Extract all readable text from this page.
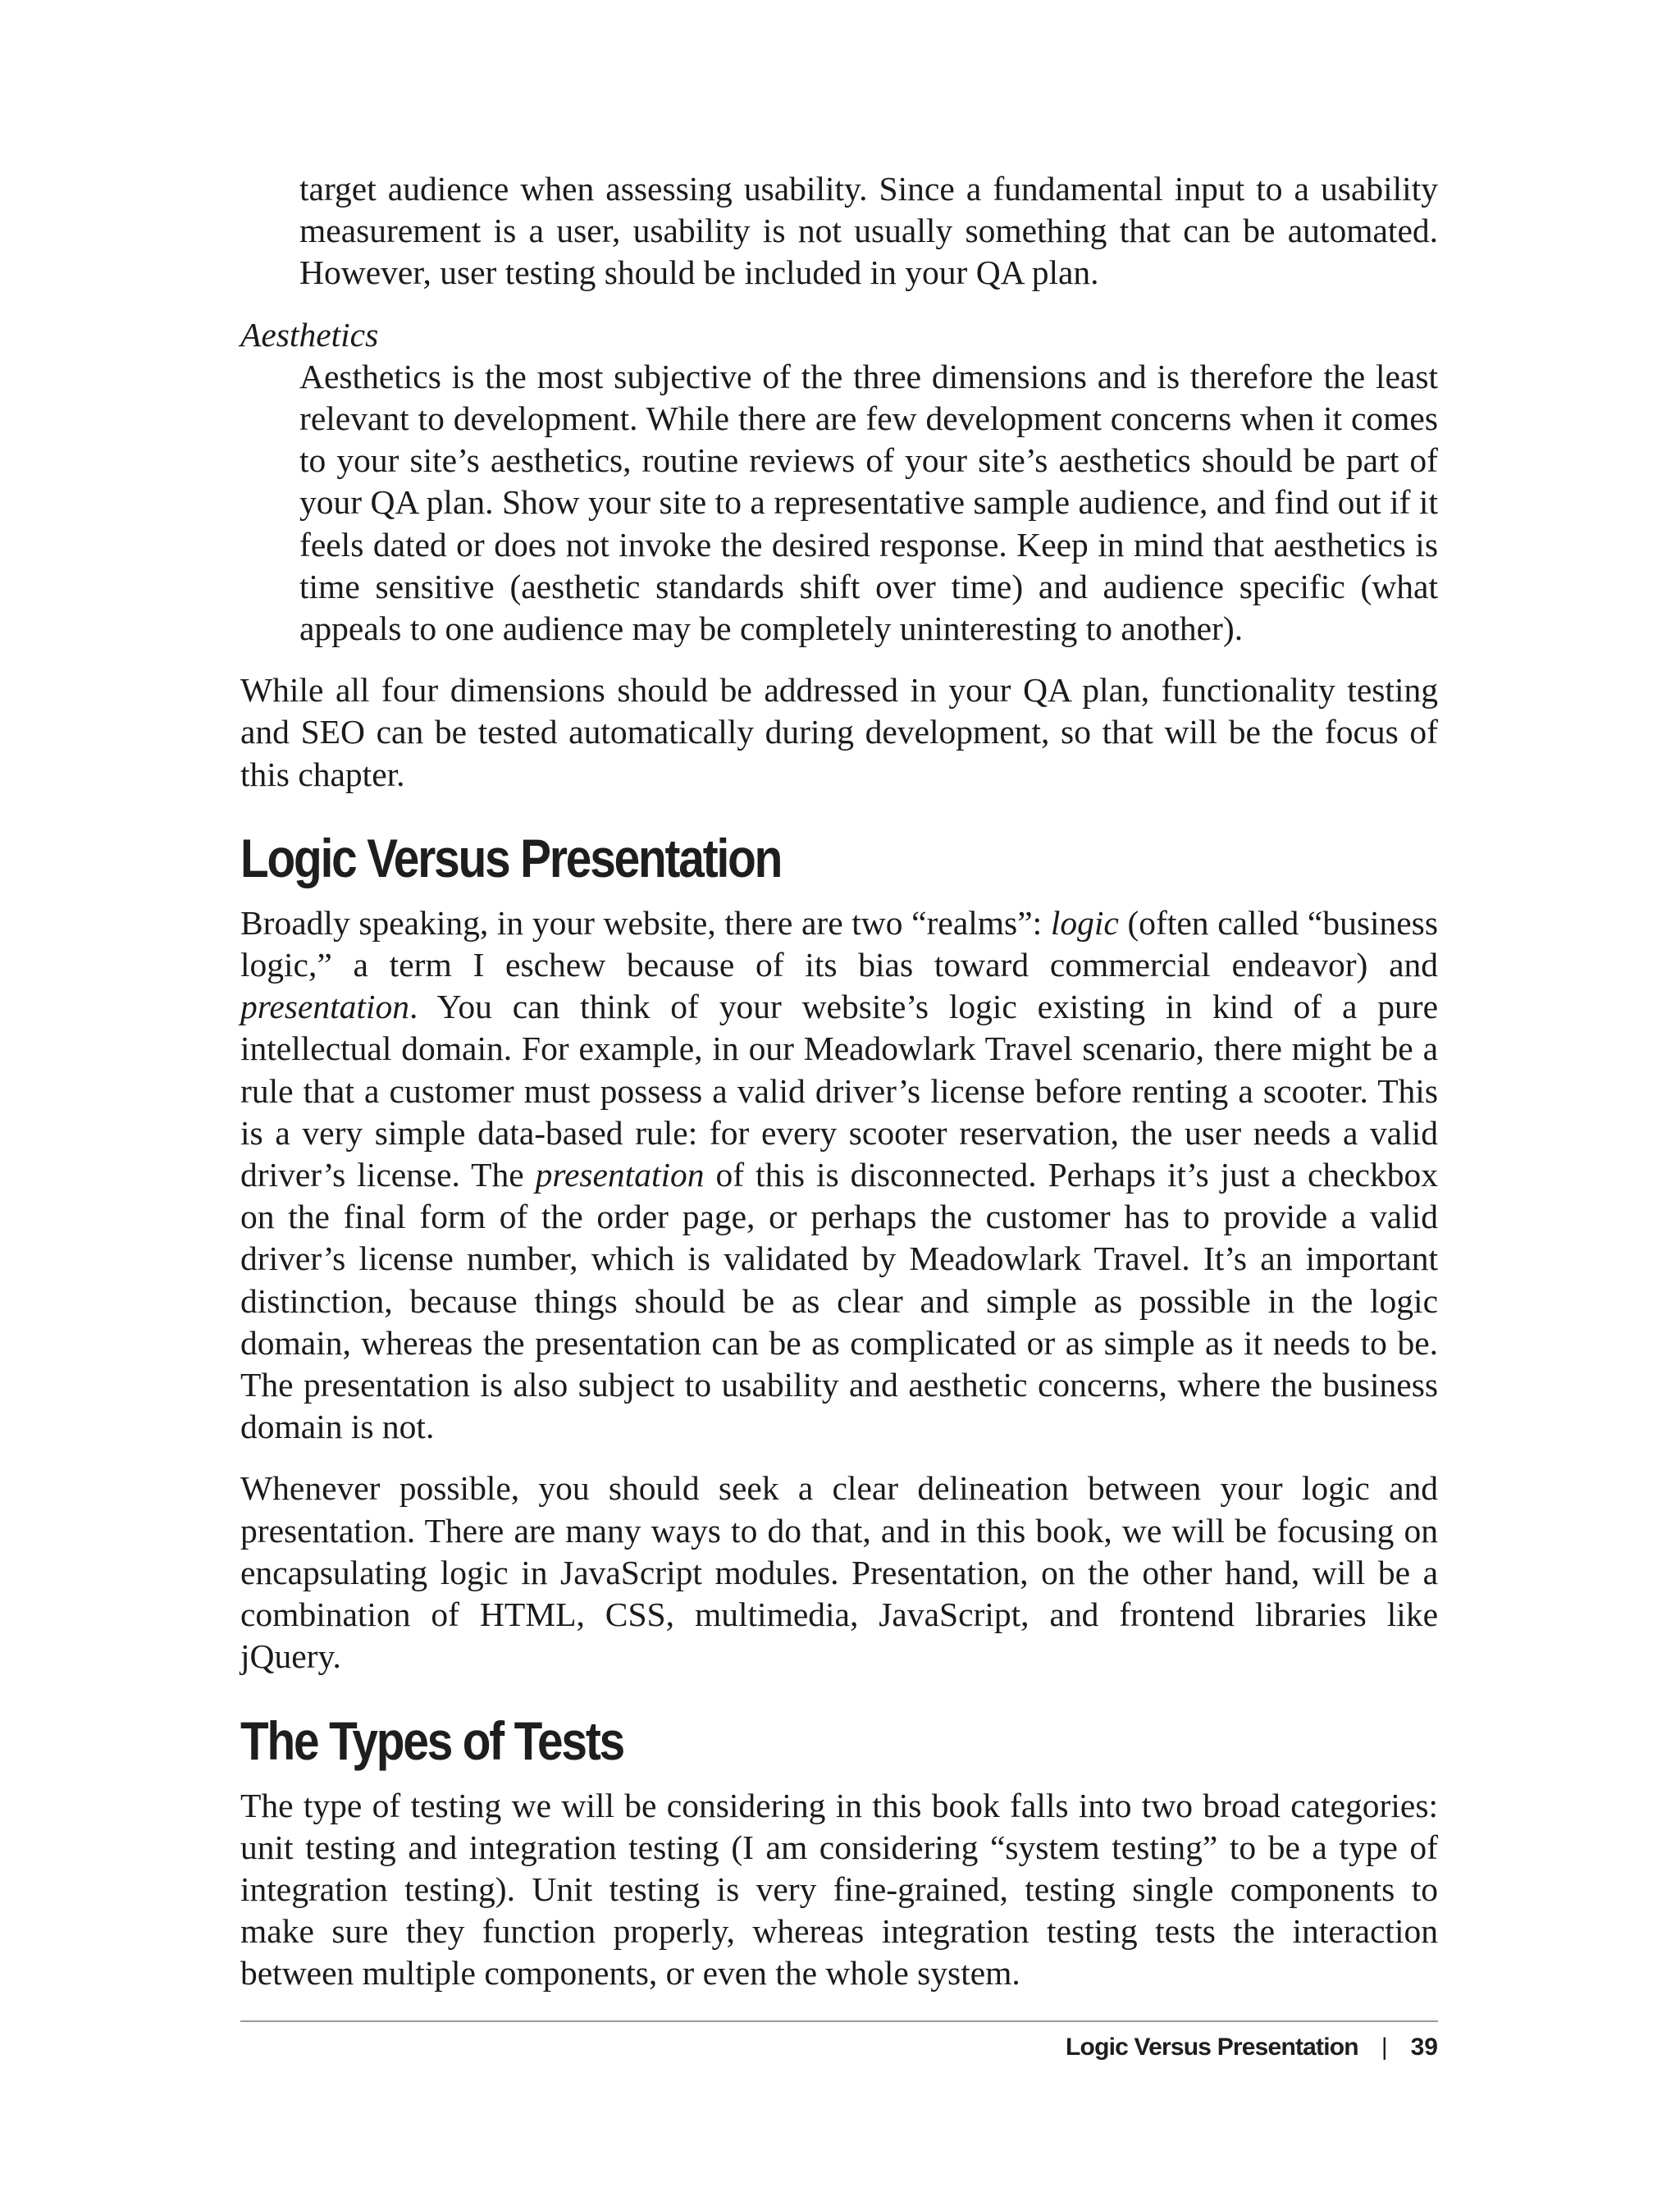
target audience when assessing usability. Since a fundamental input to a usability measurement is a user, usability is not usually something that can be automated. However, user testing should be included in your QA plan.

Aesthetics

Aesthetics is the most subjective of the three dimensions and is therefore the least relevant to development. While there are few development concerns when it comes to your site’s aesthetics, routine reviews of your site’s aesthetics should be part of your QA plan. Show your site to a representative sample audience, and find out if it feels dated or does not invoke the desired response. Keep in mind that aesthetics is time sensitive (aesthetic standards shift over time) and audience specific (what appeals to one audience may be completely uninteresting to another).

While all four dimensions should be addressed in your QA plan, functionality testing and SEO can be tested automatically during development, so that will be the focus of this chapter.

Logic Versus Presentation

Broadly speaking, in your website, there are two “realms”: logic (often called “business logic,” a term I eschew because of its bias toward commercial endeavor) and presentation. You can think of your website’s logic existing in kind of a pure intellectual domain. For example, in our Meadowlark Travel scenario, there might be a rule that a customer must possess a valid driver’s license before renting a scooter. This is a very simple data-based rule: for every scooter reservation, the user needs a valid driver’s license. The presentation of this is disconnected. Perhaps it’s just a checkbox on the final form of the order page, or perhaps the customer has to provide a valid driver’s license number, which is validated by Meadowlark Travel. It’s an important distinction, because things should be as clear and simple as possible in the logic domain, whereas the presentation can be as complicated or as simple as it needs to be. The presentation is also subject to usability and aesthetic concerns, where the business domain is not.

Whenever possible, you should seek a clear delineation between your logic and presentation. There are many ways to do that, and in this book, we will be focusing on encapsulating logic in JavaScript modules. Presentation, on the other hand, will be a combination of HTML, CSS, multimedia, JavaScript, and frontend libraries like jQuery.

The Types of Tests

The type of testing we will be considering in this book falls into two broad categories: unit testing and integration testing (I am considering “system testing” to be a type of integration testing). Unit testing is very fine-grained, testing single components to make sure they function properly, whereas integration testing tests the interaction between multiple components, or even the whole system.

Logic Versus Presentation | 39
